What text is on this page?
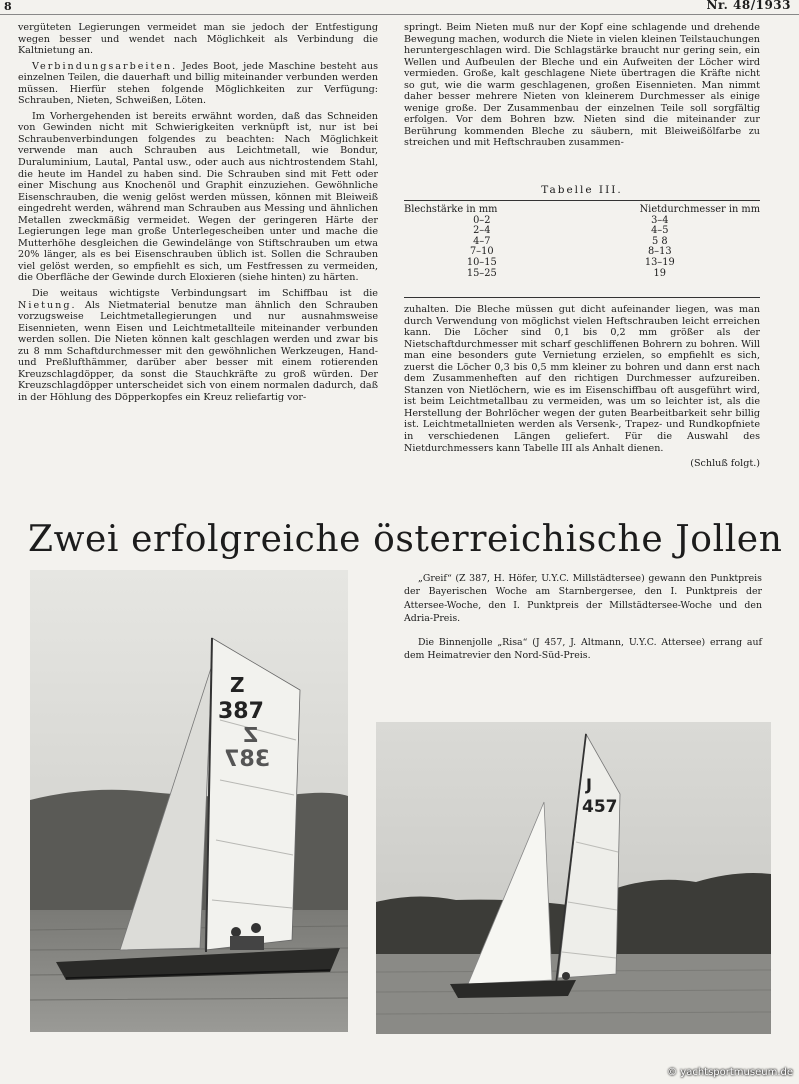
8	Nr. 48/1933

vergüteten Legierungen vermeidet man sie jedoch der Entfestigung wegen besser und wendet nach Möglichkeit als Verbindung die Kaltnietung an.

Verbindungsarbeiten. Jedes Boot, jede Maschine besteht aus einzelnen Teilen, die dauerhaft und billig miteinander verbunden werden müssen. Hierfür stehen folgende Möglichkeiten zur Verfügung: Schrauben, Nieten, Schweißen, Löten.

Im Vorhergehenden ist bereits erwähnt worden, daß das Schneiden von Gewinden nicht mit Schwierigkeiten verknüpft ist, nur ist bei Schraubenverbindungen folgendes zu beachten: Nach Möglichkeit verwende man auch Schrauben aus Leichtmetall, wie Bondur, Duraluminium, Lautal, Pantal usw., oder auch aus nichtrostendem Stahl, die heute im Handel zu haben sind. Die Schrauben sind mit Fett oder einer Mischung aus Knochenöl und Graphit einzuziehen. Gewöhnliche Eisenschrauben, die wenig gelöst werden müssen, können mit Bleiweiß eingedreht werden, während man Schrauben aus Messing und ähnlichen Metallen zweckmäßig vermeidet. Wegen der geringeren Härte der Legierungen lege man große Unterlegescheiben unter und mache die Mutterhöhe desgleichen die Gewindelänge von Stiftschrauben um etwa 20% länger, als es bei Eisenschrauben üblich ist. Sollen die Schrauben viel gelöst werden, so empfiehlt es sich, um Festfressen zu vermeiden, die Oberfläche der Gewinde durch Eloxieren (siehe hinten) zu härten.

Die weitaus wichtigste Verbindungsart im Schiffbau ist die Nietung. Als Nietmaterial benutze man ähnlich den Schrauben vorzugsweise Leichtmetallegierungen und nur ausnahmsweise Eisennieten, wenn Eisen und Leichtmetallteile miteinander verbunden werden sollen. Die Nieten können kalt geschlagen werden und zwar bis zu 8 mm Schaftdurchmesser mit den gewöhnlichen Werkzeugen, Hand- und Preßlufthämmer, darüber aber besser mit einem rotierenden Kreuzschlagdöpper, da sonst die Stauchkräfte zu groß würden. Der Kreuzschlagdöpper unterscheidet sich von einem normalen dadurch, daß in der Höhlung des Döpperkopfes ein Kreuz reliefartig vor-

springt. Beim Nieten muß nur der Kopf eine schlagende und drehende Bewegung machen, wodurch die Niete in vielen kleinen Teilstauchungen heruntergeschlagen wird. Die Schlagstärke braucht nur gering sein, ein Wellen und Aufbeulen der Bleche und ein Aufweiten der Löcher wird vermieden. Große, kalt geschlagene Niete übertragen die Kräfte nicht so gut, wie die warm geschlagenen, großen Eisennieten. Man nimmt daher besser mehrere Nieten von kleinerem Durchmesser als einige wenige große. Der Zusammenbau der einzelnen Teile soll sorgfältig erfolgen. Vor dem Bohren bzw. Nieten sind die miteinander zur Berührung kommenden Bleche zu säubern, mit Bleiweißölfarbe zu streichen und mit Heftschrauben zusammen-

Tabelle III.
Blechstärke in mm	Nietdurchmesser in mm
0–2	3–4
2–4	4–5
4–7	5 8
7–10	8–13
10–15	13–19
15–25	19

zuhalten. Die Bleche müssen gut dicht aufeinander liegen, was man durch Verwendung von möglichst vielen Heftschrauben leicht erreichen kann. Die Löcher sind 0,1 bis 0,2 mm größer als der Nietschaftdurchmesser mit scharf geschliffenen Bohrern zu bohren. Will man eine besonders gute Vernietung erzielen, so empfiehlt es sich, zuerst die Löcher 0,3 bis 0,5 mm kleiner zu bohren und dann erst nach dem Zusammenheften auf den richtigen Durchmesser aufzureiben. Stanzen von Nietlöchern, wie es im Eisenschiffbau oft ausgeführt wird, ist beim Leichtmetallbau zu vermeiden, was um so leichter ist, als die Herstellung der Bohrlöcher wegen der guten Bearbeitbarkeit sehr billig ist. Leichtmetallnieten werden als Versenk-, Trapez- und Rundkopfniete in verschiedenen Längen geliefert. Für die Auswahl des Nietdurchmessers kann Tabelle III als Anhalt dienen.

(Schluß folgt.)
Zwei erfolgreiche österreichische Jollen
Z
387
Z
387
J
457

„Greif“ (Z 387, H. Höfer, U.Y.C. Millstädtersee) gewann den Punktpreis der Bayerischen Woche am Starnbergersee, den I. Punktpreis der Attersee-Woche, den I. Punktpreis der Millstädtersee-Woche und den Adria-Preis.

Die Binnenjolle „Risa“ (J 457, J. Altmann, U.Y.C. Attersee) errang auf dem Heimatrevier den Nord-Süd-Preis.

© yachtsportmuseum.de
